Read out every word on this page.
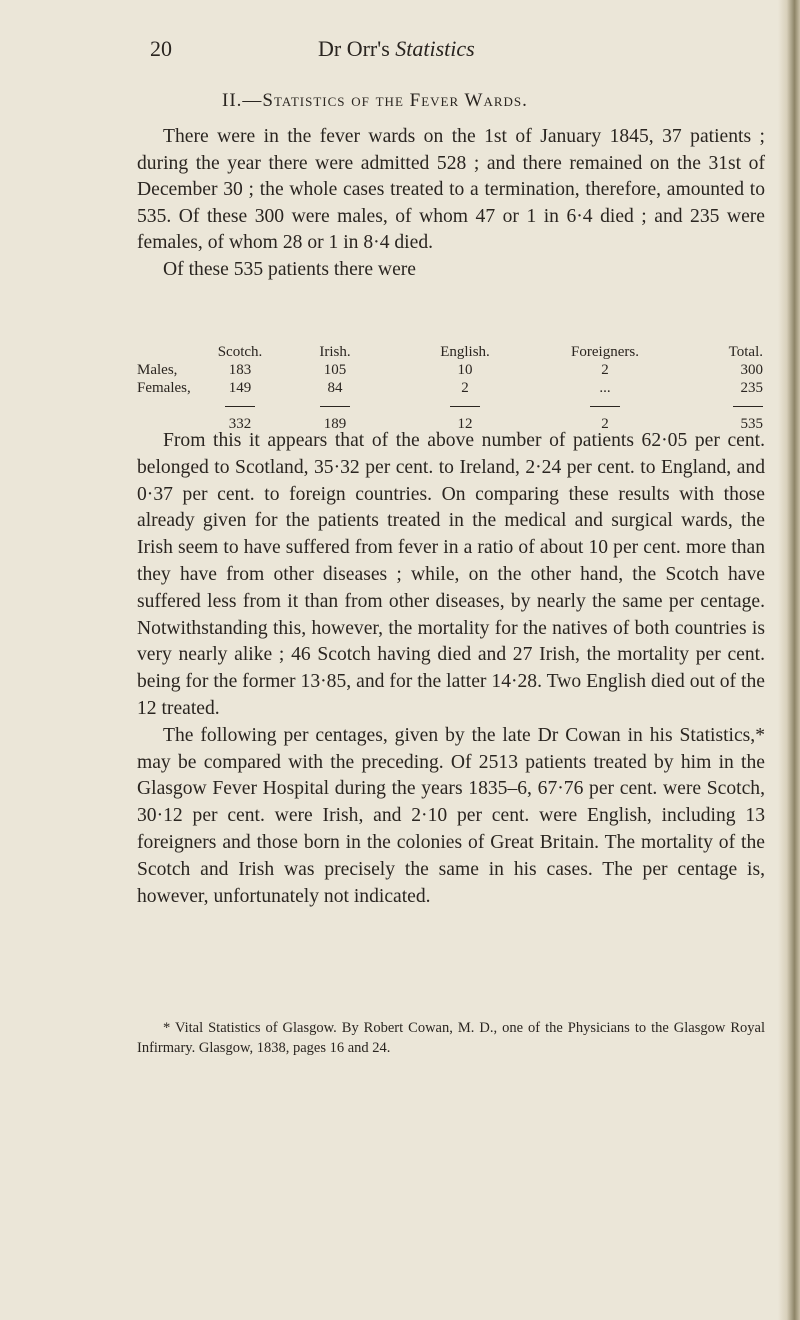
20	Dr Orr's Statistics
II.—Statistics of the Fever Wards.

There were in the fever wards on the 1st of January 1845, 37 patients ; during the year there were admitted 528 ; and there remained on the 31st of December 30 ; the whole cases treated to a termination, therefore, amounted to 535. Of these 300 were males, of whom 47 or 1 in 6·4 died ; and 235 were females, of whom 28 or 1 in 8·4 died.

Of these 535 patients there were

	Scotch.	Irish.	English.	Foreigners.	Total.
Males,	183	105	10	2	300
Females,	149	84	2	...	235

	332	189	12	2	535

From this it appears that of the above number of patients 62·05 per cent. belonged to Scotland, 35·32 per cent. to Ireland, 2·24 per cent. to England, and 0·37 per cent. to foreign countries. On comparing these results with those already given for the patients treated in the medical and surgical wards, the Irish seem to have suffered from fever in a ratio of about 10 per cent. more than they have from other diseases ; while, on the other hand, the Scotch have suffered less from it than from other diseases, by nearly the same per centage. Notwithstanding this, however, the mortality for the natives of both countries is very nearly alike ; 46 Scotch having died and 27 Irish, the mortality per cent. being for the former 13·85, and for the latter 14·28. Two English died out of the 12 treated.

The following per centages, given by the late Dr Cowan in his Statistics,* may be compared with the preceding. Of 2513 patients treated by him in the Glasgow Fever Hospital during the years 1835–6, 67·76 per cent. were Scotch, 30·12 per cent. were Irish, and 2·10 per cent. were English, including 13 foreigners and those born in the colonies of Great Britain. The mortality of the Scotch and Irish was precisely the same in his cases. The per centage is, however, unfortunately not indicated.

* Vital Statistics of Glasgow. By Robert Cowan, M. D., one of the Physicians to the Glasgow Royal Infirmary. Glasgow, 1838, pages 16 and 24.
